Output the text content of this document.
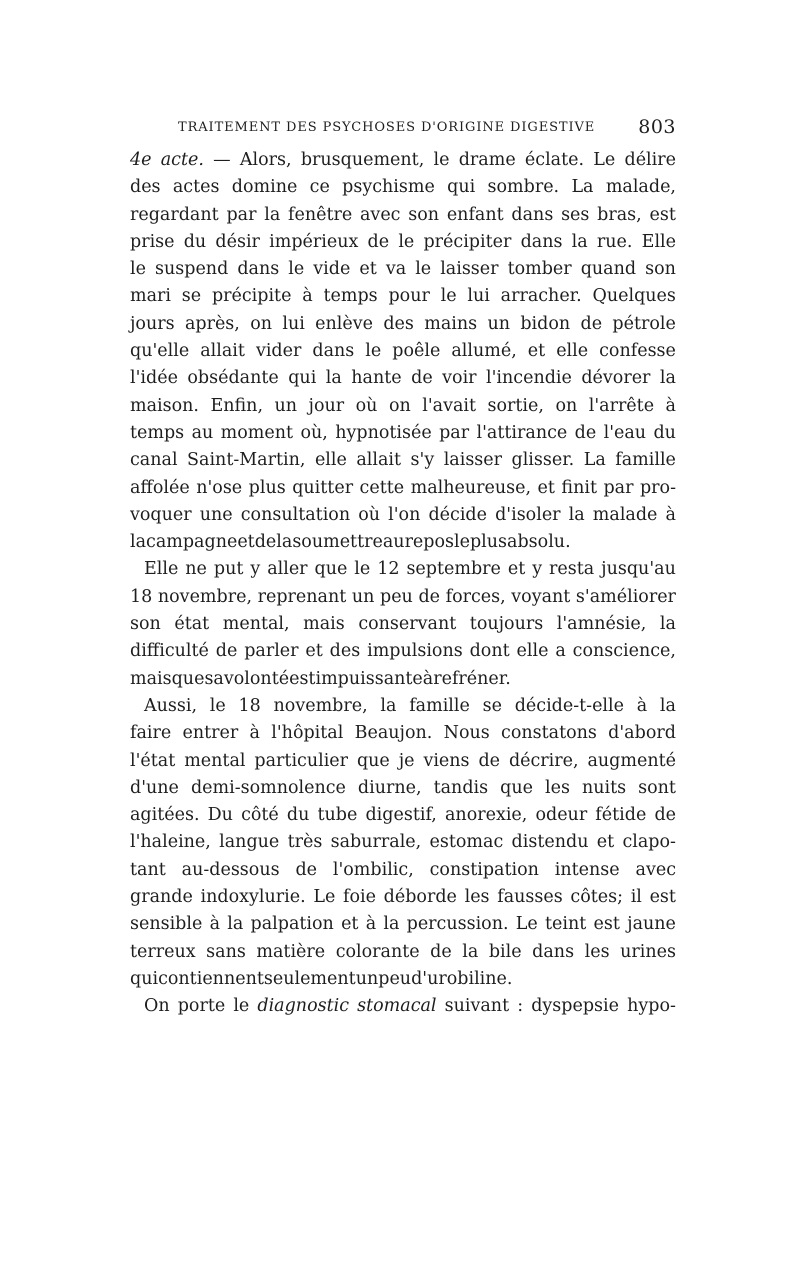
TRAITEMENT DES PSYCHOSES D'ORIGINE DIGESTIVE 803
4e acte. — Alors, brusquement, le drame éclate. Le délire
des actes domine ce psychisme qui sombre. La malade,
regardant par la fenêtre avec son enfant dans ses bras, est
prise du désir impérieux de le précipiter dans la rue. Elle
le suspend dans le vide et va le laisser tomber quand son
mari se précipite à temps pour le lui arracher. Quelques
jours après, on lui enlève des mains un bidon de pétrole
qu'elle allait vider dans le poêle allumé, et elle confesse
l'idée obsédante qui la hante de voir l'incendie dévorer la
maison. Enfin, un jour où on l'avait sortie, on l'arrête à
temps au moment où, hypnotisée par l'attirance de l'eau du
canal Saint-Martin, elle allait s'y laisser glisser. La famille
affolée n'ose plus quitter cette malheureuse, et finit par pro-
voquer une consultation où l'on décide d'isoler la malade à
la campagne et de la soumettre au repos le plus absolu.
Elle ne put y aller que le 12 septembre et y resta jusqu'au
18 novembre, reprenant un peu de forces, voyant s'améliorer
son état mental, mais conservant toujours l'amnésie, la
difficulté de parler et des impulsions dont elle a conscience,
mais que sa volonté est impuissante à refréner.
Aussi, le 18 novembre, la famille se décide-t-elle à la
faire entrer à l'hôpital Beaujon. Nous constatons d'abord
l'état mental particulier que je viens de décrire, augmenté
d'une demi-somnolence diurne, tandis que les nuits sont
agitées. Du côté du tube digestif, anorexie, odeur fétide de
l'haleine, langue très saburrale, estomac distendu et clapo-
tant au-dessous de l'ombilic, constipation intense avec
grande indoxylurie. Le foie déborde les fausses côtes; il est
sensible à la palpation et à la percussion. Le teint est jaune
terreux sans matière colorante de la bile dans les urines
qui contiennent seulement un peu d'urobiline.
On porte le diagnostic stomacal suivant : dyspepsie hypo-
